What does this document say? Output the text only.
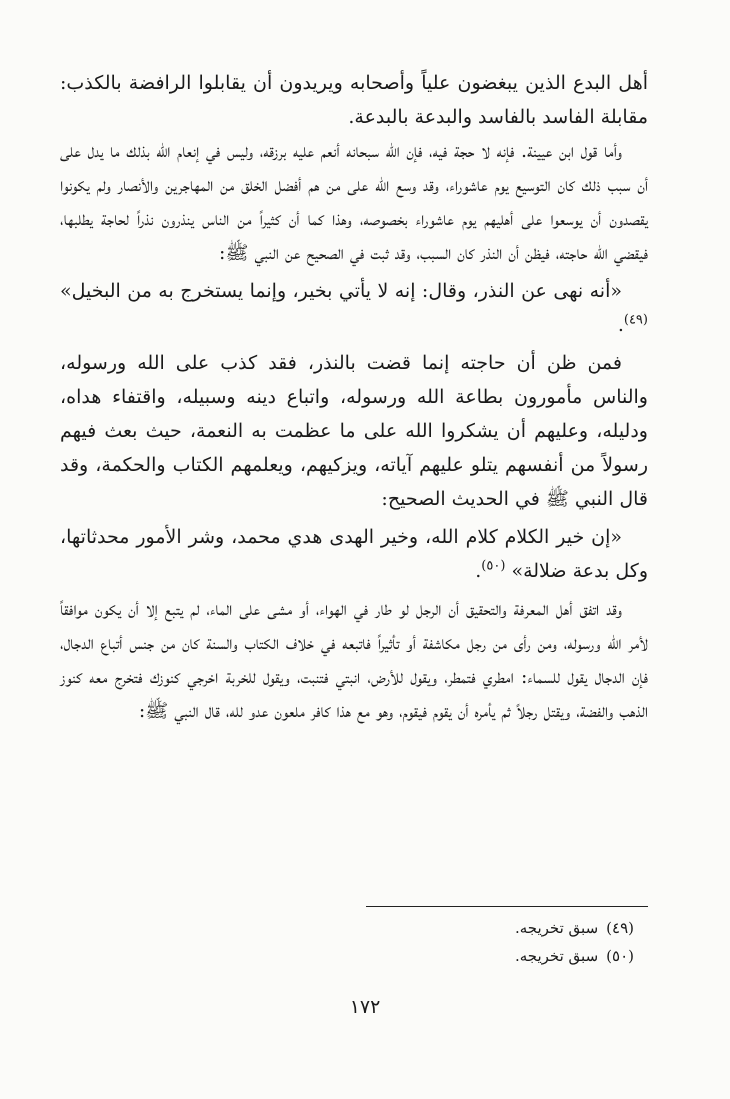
أهل البدع الذين يبغضون علياً وأصحابه ويريدون أن يقابلوا الرافضة بالكذب: مقابلة الفاسد بالفاسد والبدعة بالبدعة.

وأما قول ابن عيينة. فإنه لا حجة فيه، فإن الله سبحانه أنعم عليه برزقه، وليس في إنعام الله بذلك ما يدل على أن سبب ذلك كان التوسيع يوم عاشوراء، وقد وسع الله على من هم أفضل الخلق من المهاجرين والأنصار ولم يكونوا يقصدون أن يوسعوا على أهليهم يوم عاشوراء بخصوصه، وهذا كما أن كثيراً من الناس ينذرون نذراً لحاجة يطلبها، فيقضي الله حاجته، فيظن أن النذر كان السبب، وقد ثبت في الصحيح عن النبي ﷺ:

«أنه نهى عن النذر، وقال: إنه لا يأتي بخير، وإنما يستخرج به من البخيل» $^{(٤٩)}$.

فمن ظن أن حاجته إنما قضت بالنذر، فقد كذب على الله ورسوله، والناس مأمورون بطاعة الله ورسوله، واتباع دينه وسبيله، واقتفاء هداه، ودليله، وعليهم أن يشكروا الله على ما عظمت به النعمة، حيث بعث فيهم رسولاً من أنفسهم يتلو عليهم آياته، ويزكيهم، ويعلمهم الكتاب والحكمة، وقد قال النبي ﷺ في الحديث الصحيح:

«إن خير الكلام كلام الله، وخير الهدى هدي محمد، وشر الأمور محدثاتها، وكل بدعة ضلالة» $^{(٥٠)}$.

وقد اتفق أهل المعرفة والتحقيق أن الرجل لو طار في الهواء، أو مشى على الماء، لم يتبع إلا أن يكون موافقاً لأمر الله ورسوله، ومن رأى من رجل مكاشفة أو تأثيراً فاتبعه في خلاف الكتاب والسنة كان من جنس أتباع الدجال، فإن الدجال يقول للسماء: امطري فتمطر، ويقول للأرض، انبتي فتنبت، ويقول للخربة اخرجي كنوزك فتخرج معه كنوز الذهب والفضة، ويقتل رجلاً ثم يأمره أن يقوم فيقوم، وهو مع هذا كافر ملعون عدو لله، قال النبي ﷺ:

(٤٩)سبق تخريجه.
(٥٠)سبق تخريجه.
١٧٢
